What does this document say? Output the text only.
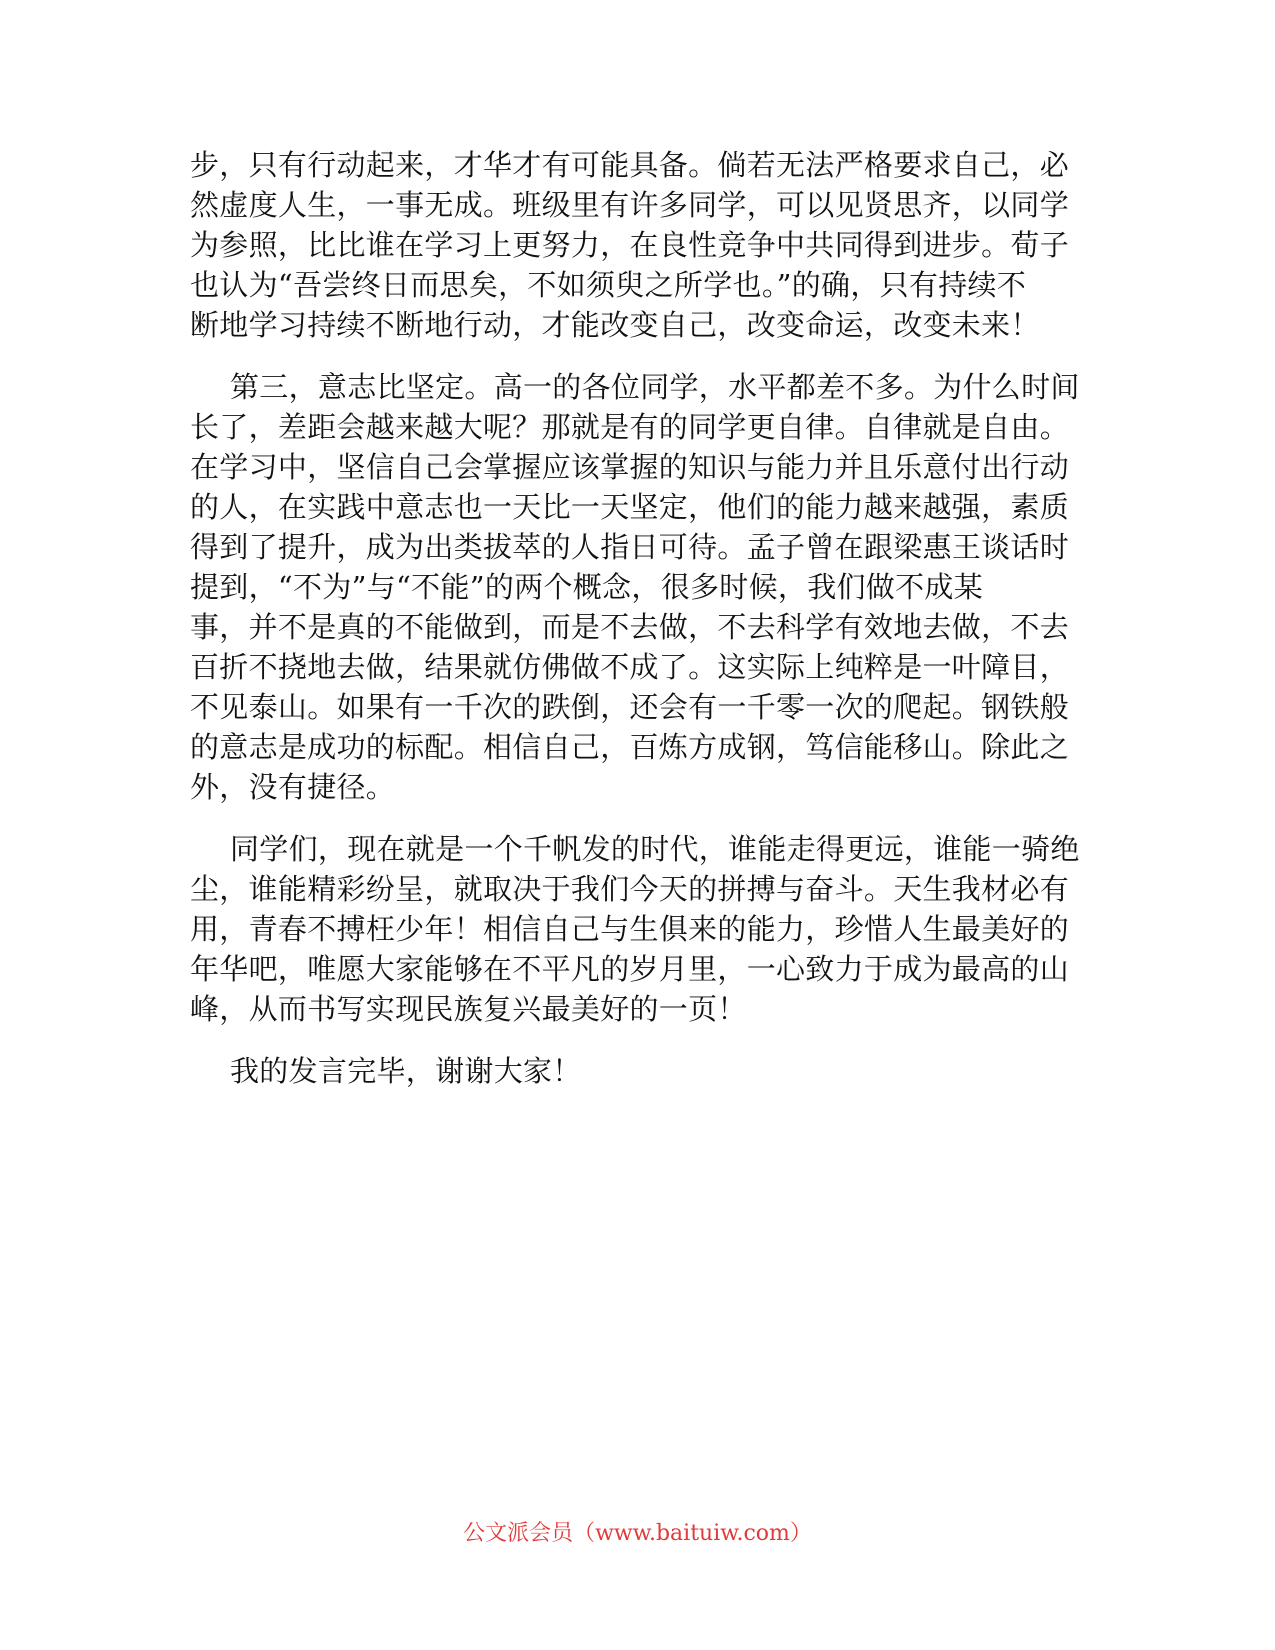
步，只有行动起来，才华才有可能具备。倘若无法严格要求自己，必
然虚度人生，一事无成。班级里有许多同学，可以见贤思齐，以同学
为参照，比比谁在学习上更努力，在良性竞争中共同得到进步。荀子
也认为“吾尝终日而思矣，不如须臾之所学也。”的确，只有持续不
断地学习持续不断地行动，才能改变自己，改变命运，改变未来！
第三，意志比坚定。高一的各位同学，水平都差不多。为什么时间
长了，差距会越来越大呢？那就是有的同学更自律。自律就是自由。
在学习中，坚信自己会掌握应该掌握的知识与能力并且乐意付出行动
的人，在实践中意志也一天比一天坚定，他们的能力越来越强，素质
得到了提升，成为出类拔萃的人指日可待。孟子曾在跟梁惠王谈话时
提到，“不为”与“不能”的两个概念，很多时候，我们做不成某
事，并不是真的不能做到，而是不去做，不去科学有效地去做，不去
百折不挠地去做，结果就仿佛做不成了。这实际上纯粹是一叶障目，
不见泰山。如果有一千次的跌倒，还会有一千零一次的爬起。钢铁般
的意志是成功的标配。相信自己，百炼方成钢，笃信能移山。除此之
外，没有捷径。
同学们，现在就是一个千帆发的时代，谁能走得更远，谁能一骑绝
尘，谁能精彩纷呈，就取决于我们今天的拼搏与奋斗。天生我材必有
用，青春不搏枉少年！相信自己与生俱来的能力，珍惜人生最美好的
年华吧，唯愿大家能够在不平凡的岁月里，一心致力于成为最高的山
峰，从而书写实现民族复兴最美好的一页！
我的发言完毕，谢谢大家！
公文派会员（www.baituiw.com）
